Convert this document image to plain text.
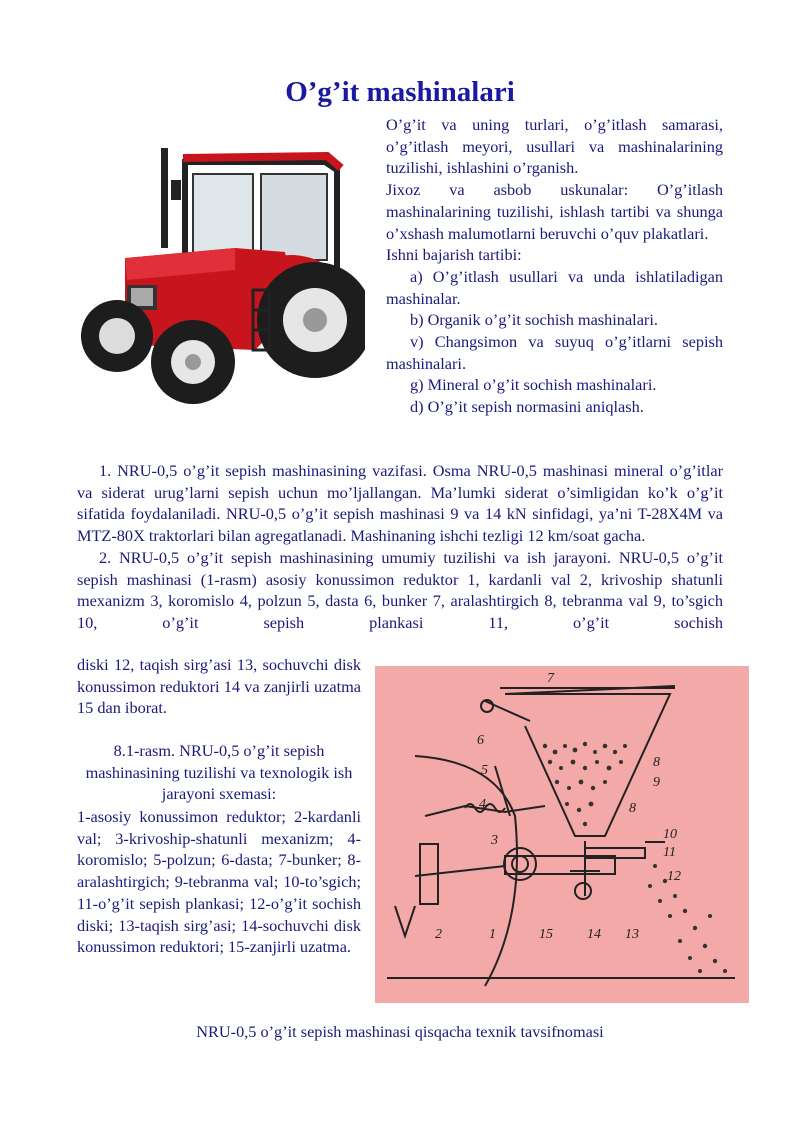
O’g’it mashinalari

O’g’it va uning turlari, o’g’itlash samarasi, o’g’itlash meyori, usullari va mashinalarining tuzilishi, ishlashini o’rganish.

Jixoz va asbob uskunalar: O’g’itlash mashinalarining tuzilishi, ishlash tartibi va shunga o’xshash malumotlarni beruvchi o’quv plakatlari.

Ishni bajarish tartibi:

a) O’g’itlash usullari va unda ishlatiladigan mashinalar.

b) Organik o’g’it sochish mashinalari.

v) Changsimon va suyuq o’g’itlarni sepish mashinalari.

g) Mineral o’g’it sochish mashinalari.

d) O’g’it sepish normasini aniqlash.

1. NRU-0,5 o’g’it sepish mashinasining vazifasi. Osma NRU-0,5 mashinasi mineral o’g’itlar va siderat urug’larni sepish uchun mo’ljallangan. Ma’lumki siderat o’simligidan ko’k o’g’it sifatida foydalaniladi. NRU-0,5 o’g’it sepish mashinasi 9 va 14 kN sinfidagi, ya’ni T-28X4M va MTZ-80X traktorlari bilan agregatlanadi. Mashinaning ishchi tezligi 12 km/soat gacha.

2. NRU-0,5 o’g’it sepish mashinasining umumiy tuzilishi va ish jarayoni. NRU-0,5 o’g’it sepish mashinasi (1-rasm) asosiy konussimon reduktor 1, kardanli val 2, krivoship shatunli mexanizm 3, koromislo 4, polzun 5, dasta 6, bunker 7, aralashtirgich 8, tebranma val 9, to’sgich 10, o’g’it sepish plankasi 11, o’g’it sochish

diski 12, taqish sirg’asi 13, sochuvchi disk konussimon reduktori 14 va zanjirli uzatma 15 dan iborat.

8.1-rasm. NRU-0,5 o’g’it sepish mashinasining tuzilishi va texnologik ish jarayoni sxemasi:

1-asosiy konussimon reduktor; 2-kardanli val; 3-krivoship-shatunli mexanizm; 4-koromislo; 5-polzun; 6-dasta; 7-bunker; 8-aralashtirgich; 9-tebranma val; 10-to’sgich; 11-o’g’it sepish plankasi; 12-o’g’it sochish diski; 13-taqish sirg’asi; 14-sochuvchi disk konussimon reduktori; 15-zanjirli uzatma.

7
6
5
4
3
8
9
8
10
11
12
2	1	15 14 13
NRU-0,5 o’g’it sepish mashinasi qisqacha texnik tavsifnomasi
